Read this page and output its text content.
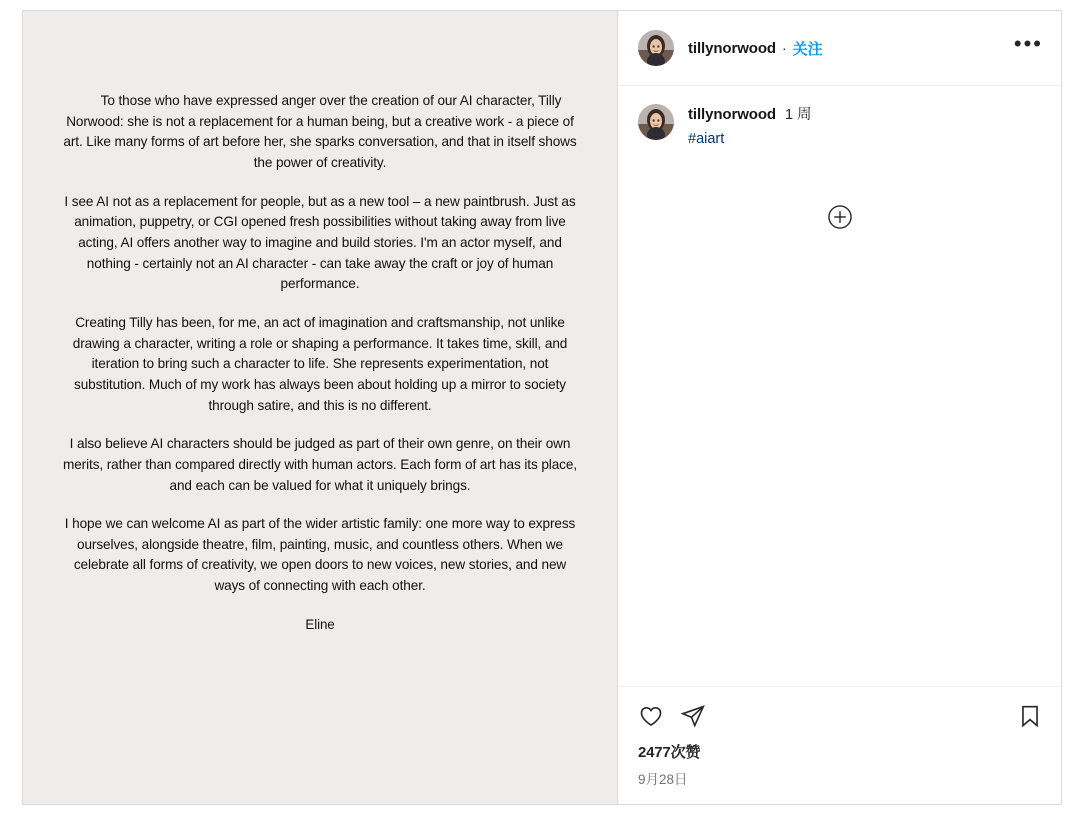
To those who have expressed anger over the creation of our AI character, Tilly Norwood: she is not a replacement for a human being, but a creative work - a piece of art. Like many forms of art before her, she sparks conversation, and that in itself shows the power of creativity.

I see AI not as a replacement for people, but as a new tool – a new paintbrush. Just as animation, puppetry, or CGI opened fresh possibilities without taking away from live acting, AI offers another way to imagine and build stories. I'm an actor myself, and nothing - certainly not an AI character - can take away the craft or joy of human performance.

Creating Tilly has been, for me, an act of imagination and craftsmanship, not unlike drawing a character, writing a role or shaping a performance. It takes time, skill, and iteration to bring such a character to life. She represents experimentation, not substitution. Much of my work has always been about holding up a mirror to society through satire, and this is no different.

I also believe AI characters should be judged as part of their own genre, on their own merits, rather than compared directly with human actors. Each form of art has its place, and each can be valued for what it uniquely brings.

I hope we can welcome AI as part of the wider artistic family: one more way to express ourselves, alongside theatre, film, painting, music, and countless others. When we celebrate all forms of creativity, we open doors to new voices, new stories, and new ways of connecting with each other.

Eline

tillynorwood · 关注	•••
tillynorwood 1 周
#aiart
2477次赞
9月28日
